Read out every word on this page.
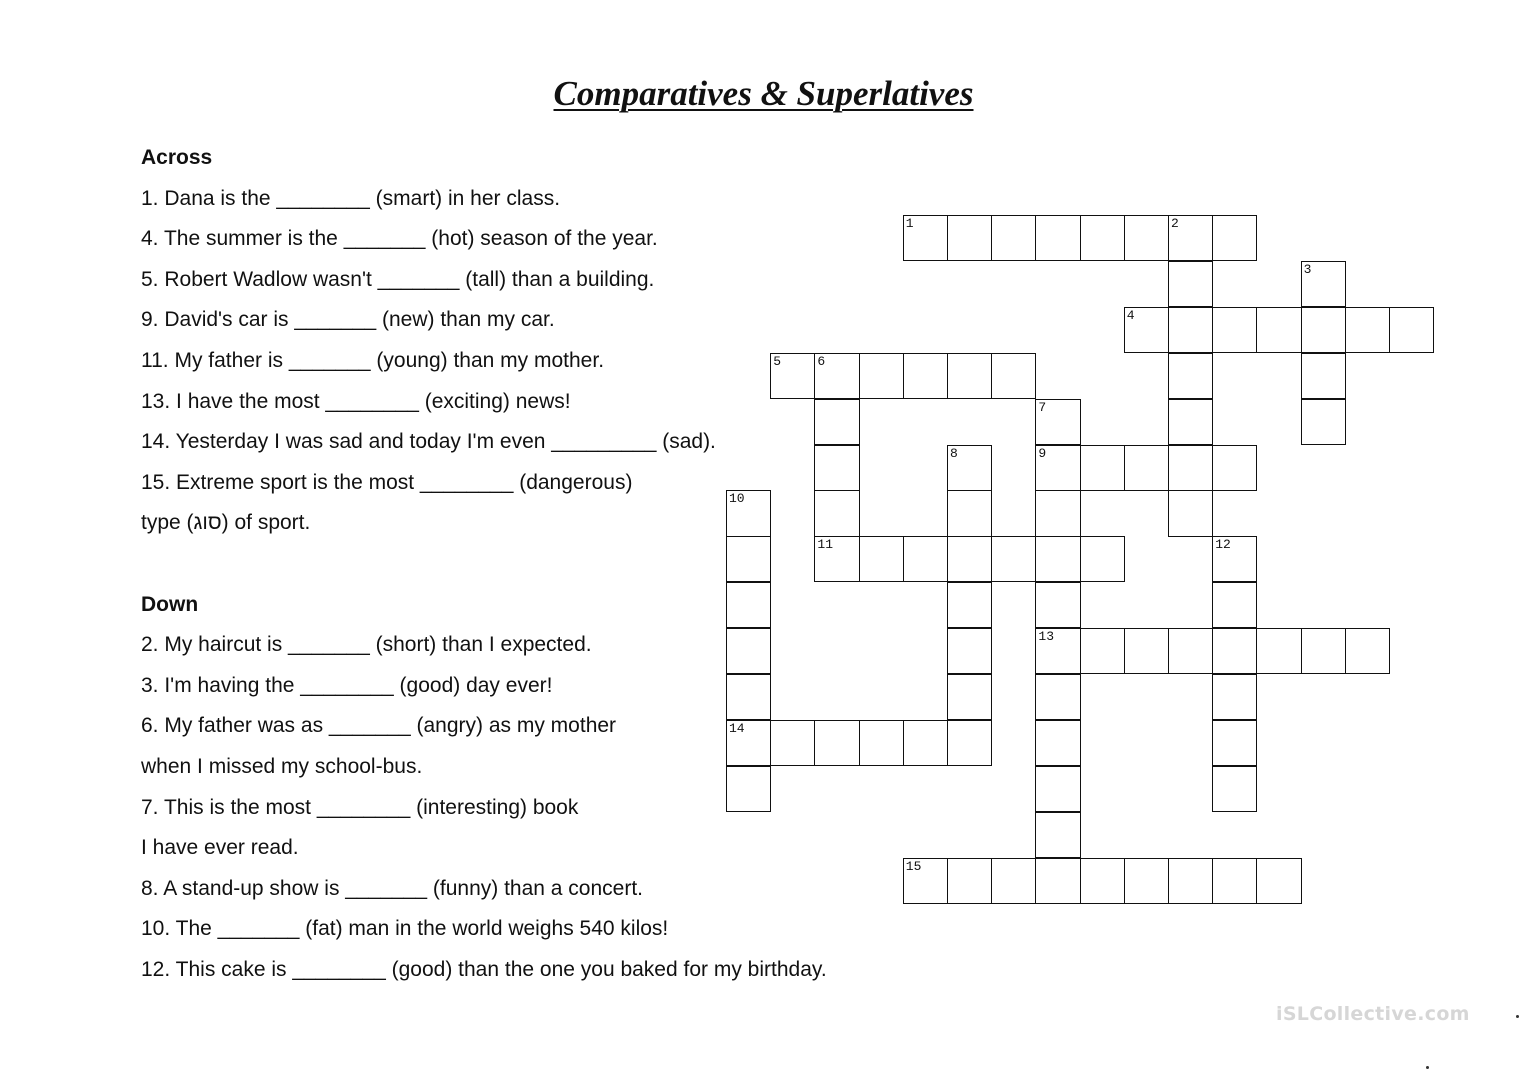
Comparatives & Superlatives
Across
1. Dana is the ________ (smart) in her class.
4. The summer is the _______ (hot) season of the year.
5. Robert Wadlow wasn't _______ (tall) than a building.
9. David's car is _______ (new) than my car.
11. My father is _______ (young) than my mother.
13. I have the most ________ (exciting) news!
14. Yesterday I was sad and today I'm even _________ (sad).
15. Extreme sport is the most ________ (dangerous)
type (סוג) of sport.
Down
2. My haircut is _______ (short) than I expected.
3. I'm having the ________ (good) day ever!
6. My father was as _______ (angry) as my mother
when I missed my school-bus.
7. This is the most ________ (interesting) book
I have ever read.
8. A stand-up show is _______ (funny) than a concert.
10. The _______ (fat) man in the world weighs 540 kilos!
12. This cake is ________ (good) than the one you baked for my birthday.
1	2
3
4
5	6
11
7
9
13
8
10
14
12
15
iSLCollective.com
